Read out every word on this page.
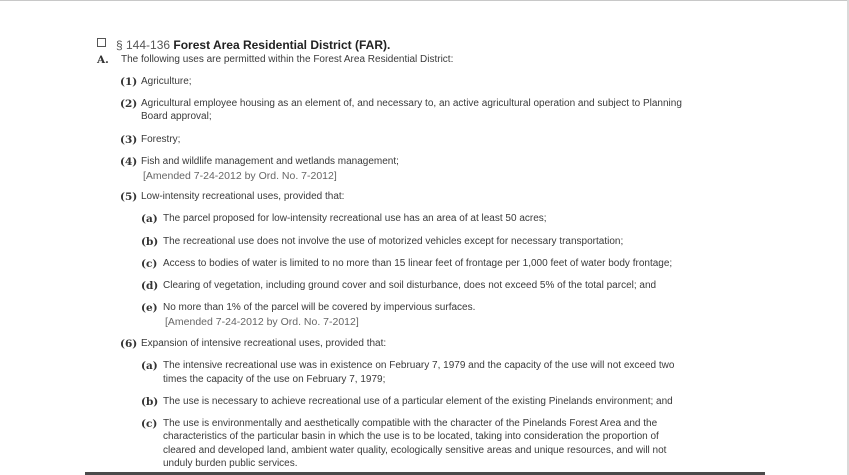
§ 144-136 Forest Area Residential District (FAR).
A. The following uses are permitted within the Forest Area Residential District:
(1) Agriculture;
(2) Agricultural employee housing as an element of, and necessary to, an active agricultural operation and subject to Planning
Board approval;
(3) Forestry;
(4) Fish and wildlife management and wetlands management;
[Amended 7-24-2012 by Ord. No. 7-2012]
(5) Low-intensity recreational uses, provided that:
(a) The parcel proposed for low-intensity recreational use has an area of at least 50 acres;
(b) The recreational use does not involve the use of motorized vehicles except for necessary transportation;
(c) Access to bodies of water is limited to no more than 15 linear feet of frontage per 1,000 feet of water body frontage;
(d) Clearing of vegetation, including ground cover and soil disturbance, does not exceed 5% of the total parcel; and
(e) No more than 1% of the parcel will be covered by impervious surfaces.
[Amended 7-24-2012 by Ord. No. 7-2012]
(6) Expansion of intensive recreational uses, provided that:
(a) The intensive recreational use was in existence on February 7, 1979 and the capacity of the use will not exceed two
times the capacity of the use on February 7, 1979;
(b) The use is necessary to achieve recreational use of a particular element of the existing Pinelands environment; and
(c) The use is environmentally and aesthetically compatible with the character of the Pinelands Forest Area and the
characteristics of the particular basin in which the use is to be located, taking into consideration the proportion of
cleared and developed land, ambient water quality, ecologically sensitive areas and unique resources, and will not
unduly burden public services.
